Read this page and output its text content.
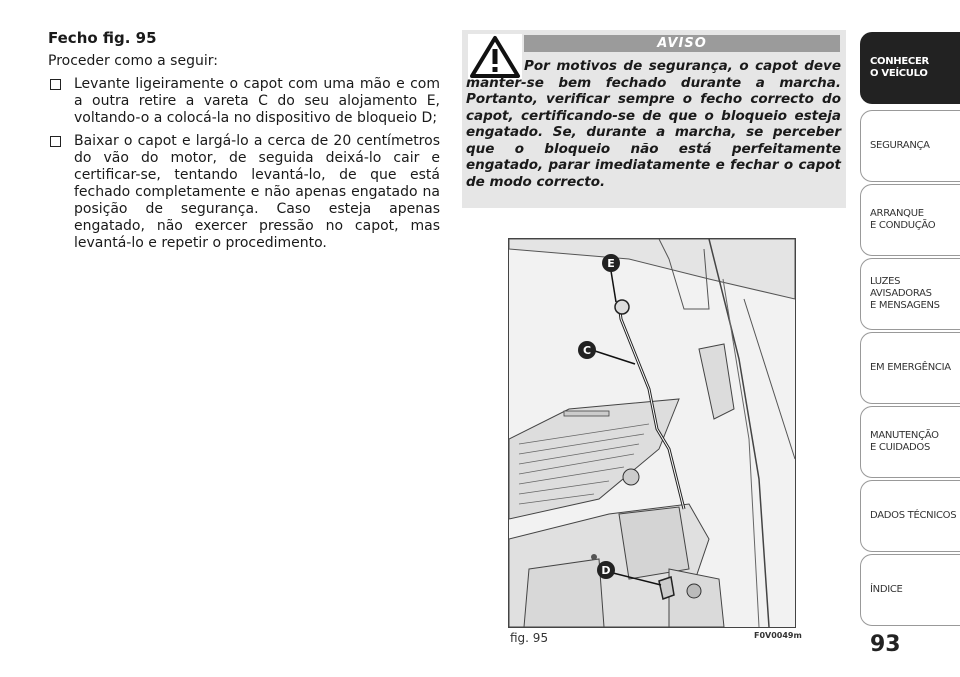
Fecho fig. 95

Proceder como a seguir:

Levante ligeiramente o capot com uma mão e com a outra retire a vareta C do seu alojamento E, voltando-o a colocá-la no dispositivo de bloqueio D;
Baixar o capot e largá-lo a cerca de 20 centímetros do vão do motor, de seguida deixá-lo cair e certificar-se, tentando levantá-lo, de que está fechado completamente e não apenas engatado na posição de segurança. Caso esteja apenas engatado, não exercer pressão no capot, mas levantá-lo e repetir o procedimento.
AVISO
Por motivos de segurança, o capot deve manter-se bem fechado durante a marcha. Portanto, verificar sempre o fecho correcto do capot, certificando-se de que o bloqueio esteja engatado. Se, durante a marcha, se perceber que o bloqueio não está perfeitamente engatado, parar imediatamente e fechar o capot de modo correcto.
E
C
D
fig. 95	F0V0049m
CONHECER
O VEÍCULO
SEGURANÇA
ARRANQUE
E CONDUÇÃO
LUZES AVISADORAS
E MENSAGENS
EM EMERGÊNCIA
MANUTENÇÃO
E CUIDADOS
DADOS TÉCNICOS
ÍNDICE
93
